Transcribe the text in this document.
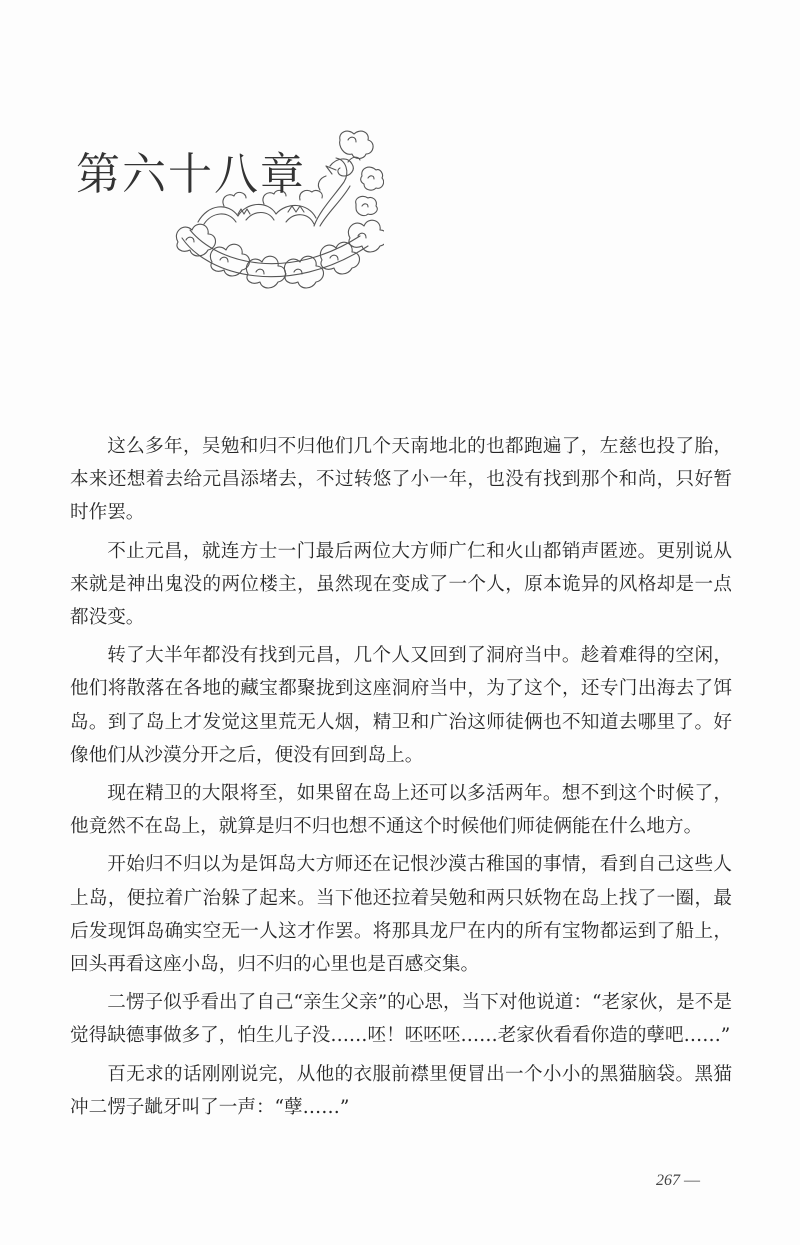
第六十八章

这么多年，吴勉和归不归他们几个天南地北的也都跑遍了，左慈也投了胎，本来还想着去给元昌添堵去，不过转悠了小一年，也没有找到那个和尚，只好暂时作罢。

不止元昌，就连方士一门最后两位大方师广仁和火山都销声匿迹。更别说从来就是神出鬼没的两位楼主，虽然现在变成了一个人，原本诡异的风格却是一点都没变。

转了大半年都没有找到元昌，几个人又回到了洞府当中。趁着难得的空闲，他们将散落在各地的藏宝都聚拢到这座洞府当中，为了这个，还专门出海去了饵岛。到了岛上才发觉这里荒无人烟，精卫和广治这师徒俩也不知道去哪里了。好像他们从沙漠分开之后，便没有回到岛上。

现在精卫的大限将至，如果留在岛上还可以多活两年。想不到这个时候了，他竟然不在岛上，就算是归不归也想不通这个时候他们师徒俩能在什么地方。

开始归不归以为是饵岛大方师还在记恨沙漠古稚国的事情，看到自己这些人上岛，便拉着广治躲了起来。当下他还拉着吴勉和两只妖物在岛上找了一圈，最后发现饵岛确实空无一人这才作罢。将那具龙尸在内的所有宝物都运到了船上，回头再看这座小岛，归不归的心里也是百感交集。

二愣子似乎看出了自己“亲生父亲”的心思，当下对他说道：“老家伙，是不是觉得缺德事做多了，怕生儿子没……呸！呸呸呸……老家伙看看你造的孽吧……”

百无求的话刚刚说完，从他的衣服前襟里便冒出一个小小的黑猫脑袋。黑猫冲二愣子龇牙叫了一声：“孽……”

267 —
